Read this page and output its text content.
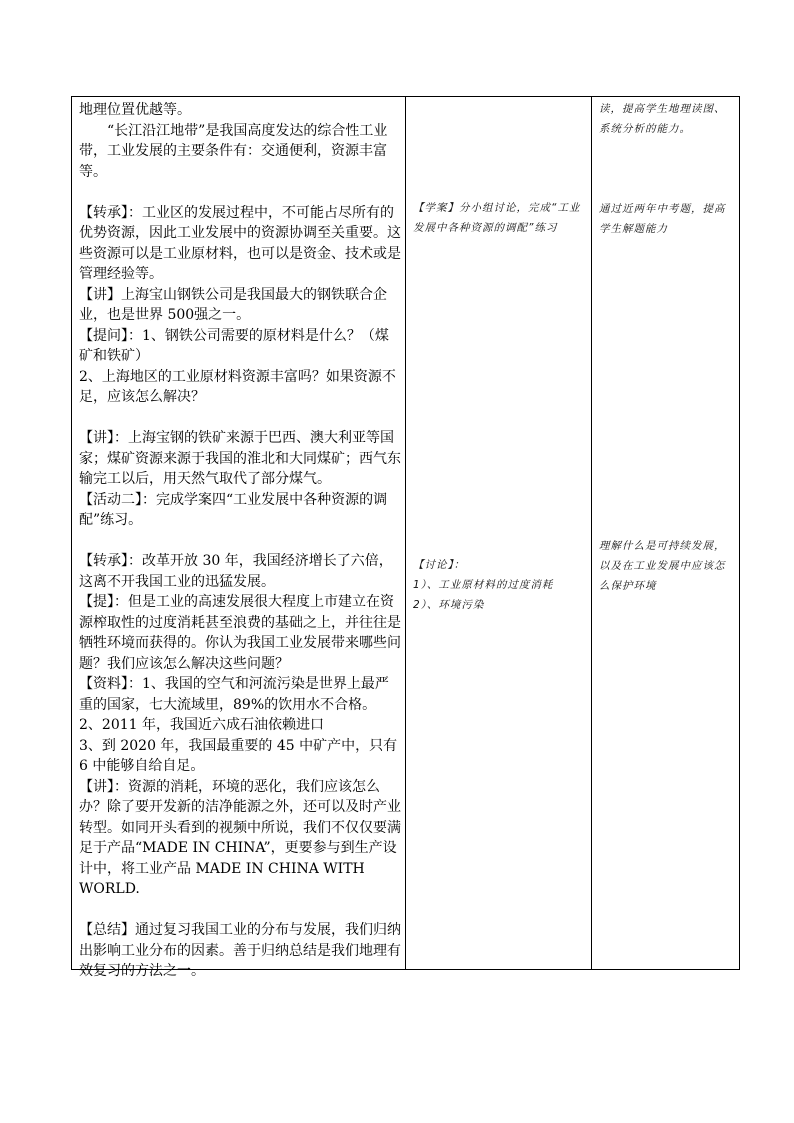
地理位置优越等。

“长江沿江地带”是我国高度发达的综合性工业带，工业发展的主要条件有：交通便利，资源丰富等。

【转承】：工业区的发展过程中，不可能占尽所有的优势资源，因此工业发展中的资源协调至关重要。这些资源可以是工业原材料，也可以是资金、技术或是管理经验等。

【讲】上海宝山钢铁公司是我国最大的钢铁联合企业，也是世界 500强之一。

【提问】：1、钢铁公司需要的原材料是什么？（煤矿和铁矿）

2、上海地区的工业原材料资源丰富吗？如果资源不足，应该怎么解决？

【讲】：上海宝钢的铁矿来源于巴西、澳大利亚等国家；煤矿资源来源于我国的淮北和大同煤矿；西气东输完工以后，用天然气取代了部分煤气。

【活动二】：完成学案四“工业发展中各种资源的调配”练习。

【转承】：改革开放 30 年，我国经济增长了六倍，这离不开我国工业的迅猛发展。

【提】：但是工业的高速发展很大程度上市建立在资源榨取性的过度消耗甚至浪费的基础之上，并往往是牺牲环境而获得的。你认为我国工业发展带来哪些问题？我们应该怎么解决这些问题？

【资料】：1、我国的空气和河流污染是世界上最严重的国家，七大流域里，89%的饮用水不合格。

2、2011 年，我国近六成石油依赖进口

3、到 2020 年，我国最重要的 45 中矿产中，只有 6 中能够自给自足。

【讲】：资源的消耗，环境的恶化，我们应该怎么办？除了要开发新的洁净能源之外，还可以及时产业转型。如同开头看到的视频中所说，我们不仅仅要满足于产品“MADE IN CHINA”，更要参与到生产设计中，将工业产品 MADE IN CHINA WITH WORLD.

【总结】通过复习我国工业的分布与发展，我们归纳出影响工业分布的因素。善于归纳总结是我们地理有效复习的方法之一。

【学案】分小组讨论，完成“工业发展中各种资源的调配”练习

【讨论】：

1）、工业原材料的过度消耗

2）、环境污染

读，提高学生地理读图、系统分析的能力。

通过近两年中考题，提高学生解题能力

理解什么是可持续发展，以及在工业发展中应该怎么保护环境
